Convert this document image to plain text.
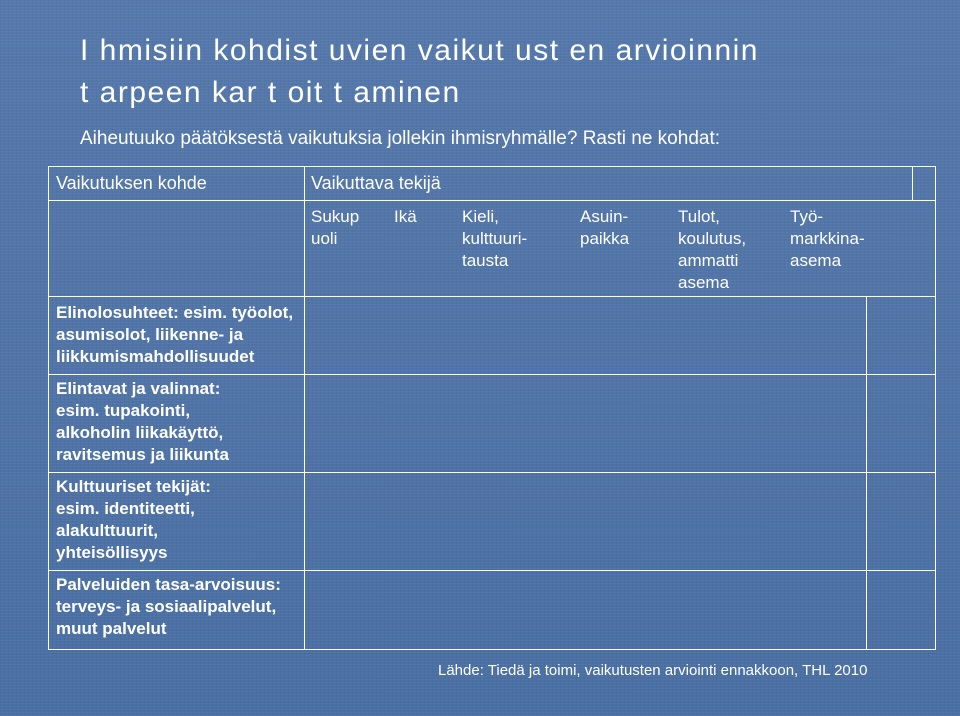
I hmisiin kohdist uvien vaikut ust en arvioinnin
t arpeen kar t oit t aminen
Aiheutuuko päätöksestä vaikutuksia jollekin ihmisryhmälle? Rasti ne kohdat:
Vaikutuksen kohde	Vaikuttava tekijä
Sukup
uoli
Ikä	Kieli,
kulttuuri-
tausta
Asuin-
paikka
Tulot,
koulutus,
ammatti
asema
Työ-
markkina-
asema
Elinolosuhteet: esim. työolot,
asumisolot, liikenne- ja
liikkumismahdollisuudet
Elintavat ja valinnat:
esim. tupakointi,
alkoholin liikakäyttö,
ravitsemus ja liikunta
Kulttuuriset tekijät:
esim. identiteetti,
alakulttuurit,
yhteisöllisyys
Palveluiden tasa-arvoisuus:
terveys- ja sosiaalipalvelut,
muut palvelut
Lähde: Tiedä ja toimi, vaikutusten arviointi ennakkoon, THL 2010
